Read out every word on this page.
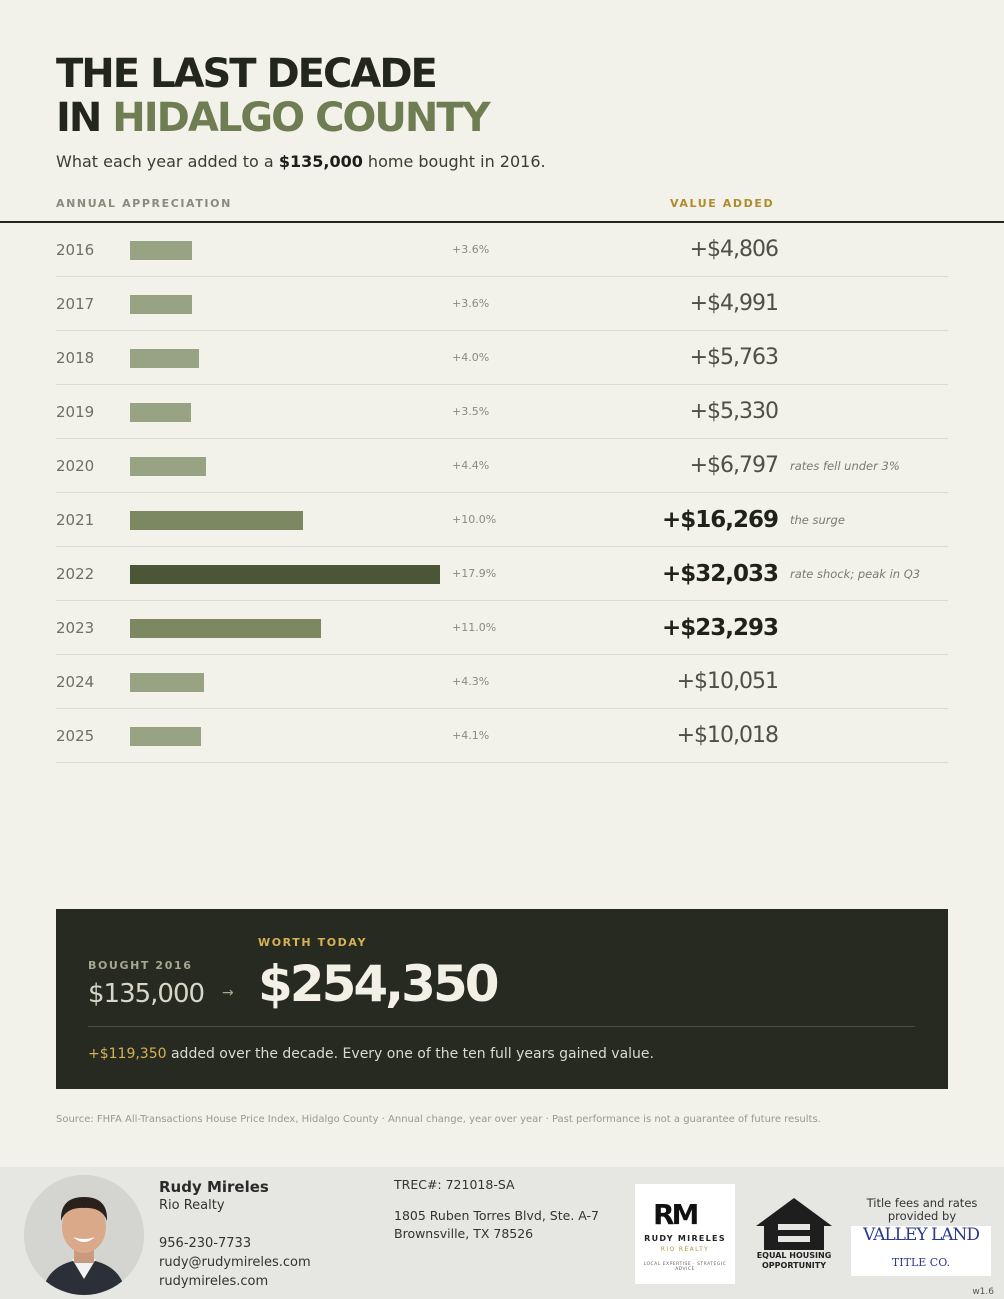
THE LAST DECADE
IN HIDALGO COUNTY
What each year added to a $135,000 home bought in 2016.
ANNUAL APPRECIATION	VALUE ADDED
2016	+3.6%	+$4,806
2017	+3.6%	+$4,991
2018	+4.0%	+$5,763
2019	+3.5%	+$5,330
2020	+4.4%	+$6,797 rates fell under 3%
2021	+10.0%	+$16,269 the surge
2022	+17.9%	+$32,033 rate shock; peak in Q3
2023	+11.0%	+$23,293
2024	+4.3%	+$10,051
2025	+4.1%	+$10,018
BOUGHT 2016
$135,000 →
WORTH TODAY
$254,350
+$119,350 added over the decade. Every one of the ten full years gained value.
Source: FHFA All-Transactions House Price Index, Hidalgo County · Annual change, year over year · Past performance is not a guarantee of future results.
Rudy Mireles
Rio Realty
956-230-7733
rudy@rudymireles.com
rudymireles.com
TREC#: 721018-SA
1805 Ruben Torres Blvd, Ste. A-7
Brownsville, TX 78526
RM
RUDY MIRELES
RIO REALTY
LOCAL EXPERTISE · STRATEGIC ADVICE
EQUAL HOUSING OPPORTUNITY
Title fees and rates provided by
VALLEY LAND
TITLE CO.
w1.6
